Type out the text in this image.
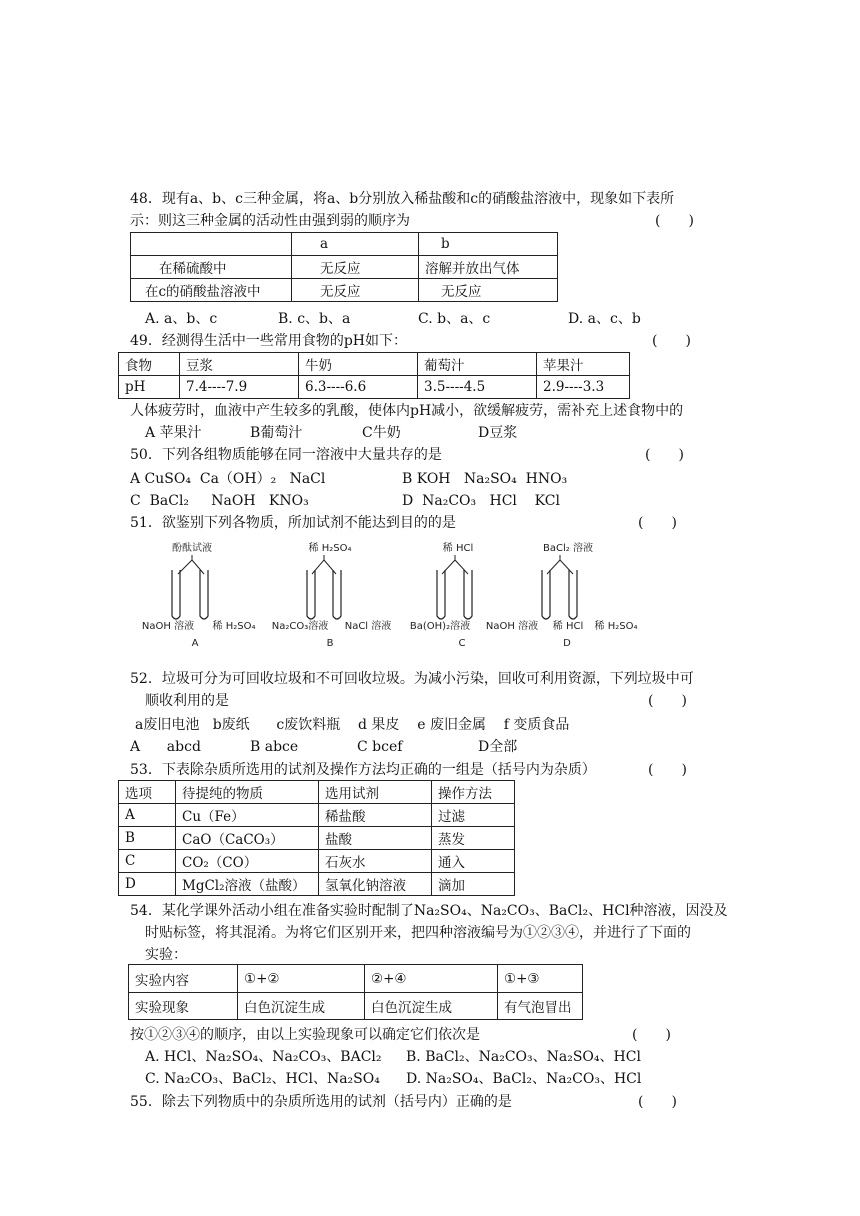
48．现有a、b、c三种金属，将a、b分别放入稀盐酸和c的硝酸盐溶液中，现象如下表所
示：则这三种金属的活动性由强到弱的顺序为	(　　)
	a	b
在稀硫酸中	无反应	溶解并放出气体
在c的硝酸盐溶液中	无反应	无反应
A. a、b、c	B. c、b、a	C. b、a、c	D. a、c、b
49．经测得生活中一些常用食物的pH如下：	(　　)
食物	豆浆	牛奶	葡萄汁	苹果汁
pH	7.4----7.9	6.3----6.6	3.5----4.5	2.9----3.3
人体疲劳时，血液中产生较多的乳酸，使体内pH减小，欲缓解疲劳，需补充上述食物中的
A 苹果汁	B葡萄汁	C牛奶	D豆浆
50．下列各组物质能够在同一溶液中大量共存的是	(　　)
A CuSO₄  Ca（OH）₂   NaCl	B KOH   Na₂SO₄  HNO₃
C  BaCl₂     NaOH   KNO₃	D  Na₂CO₃   HCl    KCl
51．欲鉴别下列各物质，所加试剂不能达到目的的是	(　　)
酚酞试液
NaOH 溶液 稀 H₂SO₄
A
稀 H₂SO₄
Na₂CO₃溶液 NaCl 溶液
B
稀 HCl
Ba(OH)₂溶液 NaOH 溶液
C
BaCl₂ 溶液
稀 HCl 稀 H₂SO₄
D
52．垃圾可分为可回收垃圾和不可回收垃圾。为减小污染，回收可利用资源，下列垃圾中可
顺收利用的是	(　　)
a废旧电池   b废纸      c废饮料瓶    d 果皮    e 废旧金属    f 变质食品
A      abcd	B abce	C bcef	D全部
53．下表除杂质所选用的试剂及操作方法均正确的一组是（括号内为杂质）	(　　)
选项	待提纯的物质	选用试剂	操作方法
A	Cu（Fe）	稀盐酸	过滤
B	CaO（CaCO₃）	盐酸	蒸发
C	CO₂（CO）	石灰水	通入
D	MgCl₂溶液（盐酸）	氢氧化钠溶液	滴加
54．某化学课外活动小组在准备实验时配制了Na₂SO₄、Na₂CO₃、BaCl₂、HCl种溶液，因没及
时贴标签，将其混淆。为将它们区别开来，把四种溶液编号为①②③④，并进行了下面的
实验：
实验内容	①+②	②+④	①+③
实验现象	白色沉淀生成	白色沉淀生成	有气泡冒出
按①②③④的顺序，由以上实验现象可以确定它们依次是	(　　)
A. HCl、Na₂SO₄、Na₂CO₃、BACl₂ B. BaCl₂、Na₂CO₃、Na₂SO₄、HCl
C. Na₂CO₃、BaCl₂、HCl、Na₂SO₄ D. Na₂SO₄、BaCl₂、Na₂CO₃、HCl
55．除去下列物质中的杂质所选用的试剂（括号内）正确的是	(　　)
